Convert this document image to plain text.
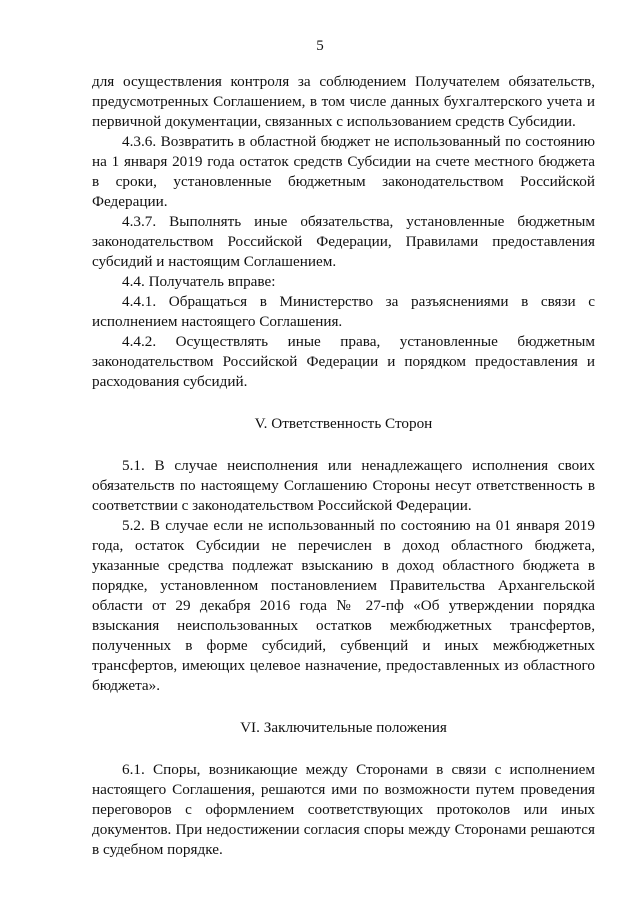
5

для осуществления контроля за соблюдением Получателем обязательств, предусмотренных Соглашением, в том числе данных бухгалтерского учета и первичной документации, связанных с использованием средств Субсидии.

4.3.6. Возвратить в областной бюджет не использованный по состоянию на 1 января 2019 года остаток средств Субсидии на счете местного бюджета в сроки, установленные бюджетным законодательством Российской Федерации.

4.3.7. Выполнять иные обязательства, установленные бюджетным законодательством Российской Федерации, Правилами предоставления субсидий и настоящим Соглашением.

4.4. Получатель вправе:

4.4.1. Обращаться в Министерство за разъяснениями в связи с исполнением настоящего Соглашения.

4.4.2. Осуществлять иные права, установленные бюджетным законодательством Российской Федерации и порядком предоставления и расходования субсидий.

V. Ответственность Сторон

5.1. В случае неисполнения или ненадлежащего исполнения своих обязательств по настоящему Соглашению Стороны несут ответственность в соответствии с законодательством Российской Федерации.

5.2. В случае если не использованный по состоянию на 01 января 2019 года, остаток Субсидии не перечислен в доход областного бюджета, указанные средства подлежат взысканию в доход областного бюджета в порядке, установленном постановлением Правительства Архангельской области от 29 декабря 2016 года № 27-пф «Об утверждении порядка взыскания неиспользованных остатков межбюджетных трансфертов, полученных в форме субсидий, субвенций и иных межбюджетных трансфертов, имеющих целевое назначение, предоставленных из областного бюджета».

VI. Заключительные положения

6.1. Споры, возникающие между Сторонами в связи с исполнением настоящего Соглашения, решаются ими по возможности путем проведения переговоров с оформлением соответствующих протоколов или иных документов. При недостижении согласия споры между Сторонами решаются в судебном порядке.
